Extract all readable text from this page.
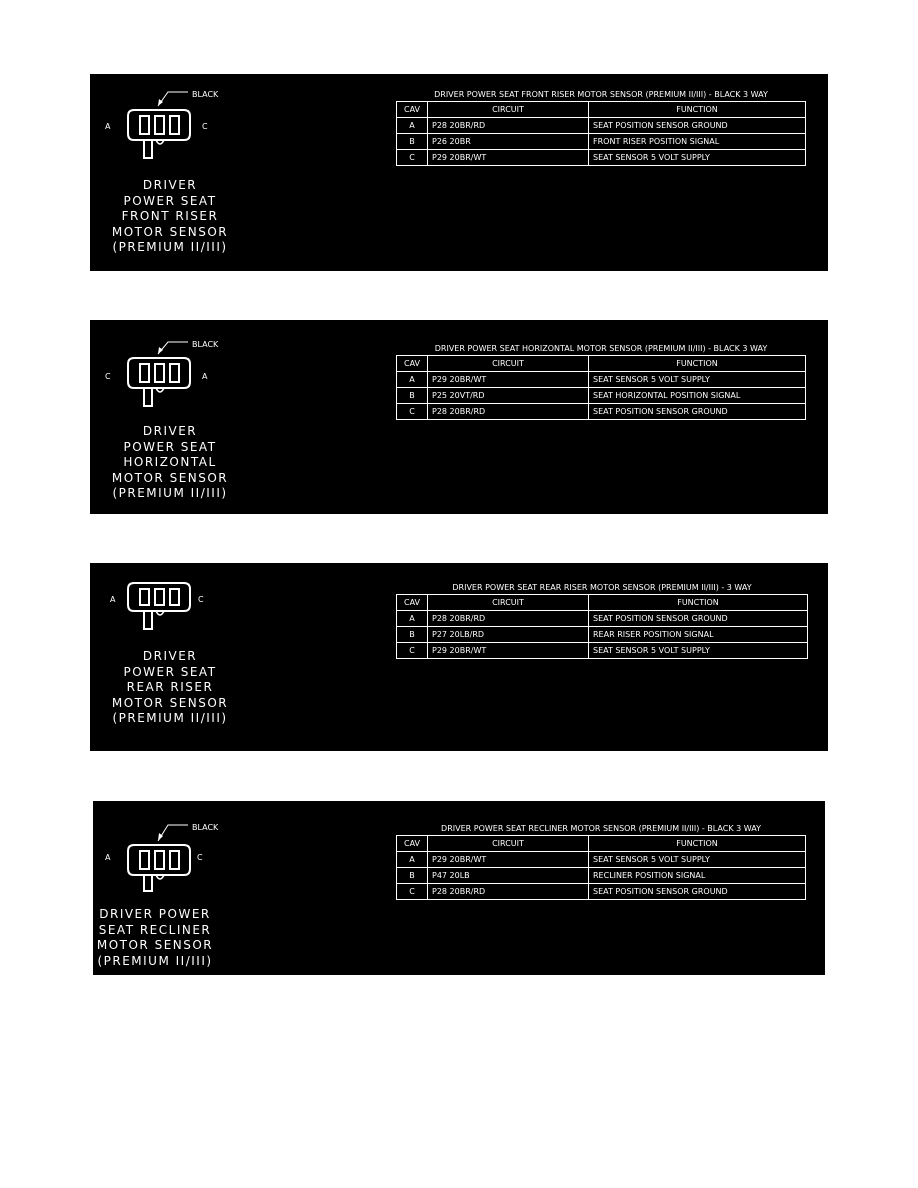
BLACK
A	C
DRIVER
POWER SEAT
FRONT RISER
MOTOR SENSOR
(PREMIUM II/III)
DRIVER POWER SEAT FRONT RISER MOTOR SENSOR (PREMIUM II/III) - BLACK 3 WAY
CAV	CIRCUIT	FUNCTION
A	P28 20BR/RD	SEAT POSITION SENSOR GROUND
B	P26 20BR	FRONT RISER POSITION SIGNAL
C	P29 20BR/WT	SEAT SENSOR 5 VOLT SUPPLY
BLACK
C	A
DRIVER
POWER SEAT
HORIZONTAL
MOTOR SENSOR
(PREMIUM II/III)
DRIVER POWER SEAT HORIZONTAL MOTOR SENSOR (PREMIUM II/III) - BLACK 3 WAY
CAV	CIRCUIT	FUNCTION
A	P29 20BR/WT	SEAT SENSOR 5 VOLT SUPPLY
B	P25 20VT/RD	SEAT HORIZONTAL POSITION SIGNAL
C	P28 20BR/RD	SEAT POSITION SENSOR GROUND
A	C
DRIVER
POWER SEAT
REAR RISER
MOTOR SENSOR
(PREMIUM II/III)
DRIVER POWER SEAT REAR RISER MOTOR SENSOR (PREMIUM II/III) - 3 WAY
CAV	CIRCUIT	FUNCTION
A	P28 20BR/RD	SEAT POSITION SENSOR GROUND
B	P27 20LB/RD	REAR RISER POSITION SIGNAL
C	P29 20BR/WT	SEAT SENSOR 5 VOLT SUPPLY
BLACK
A	C
DRIVER POWER
SEAT RECLINER
MOTOR SENSOR
(PREMIUM II/III)
DRIVER POWER SEAT RECLINER MOTOR SENSOR (PREMIUM II/III) - BLACK 3 WAY
CAV	CIRCUIT	FUNCTION
A	P29 20BR/WT	SEAT SENSOR 5 VOLT SUPPLY
B	P47 20LB	RECLINER POSITION SIGNAL
C	P28 20BR/RD	SEAT POSITION SENSOR GROUND
